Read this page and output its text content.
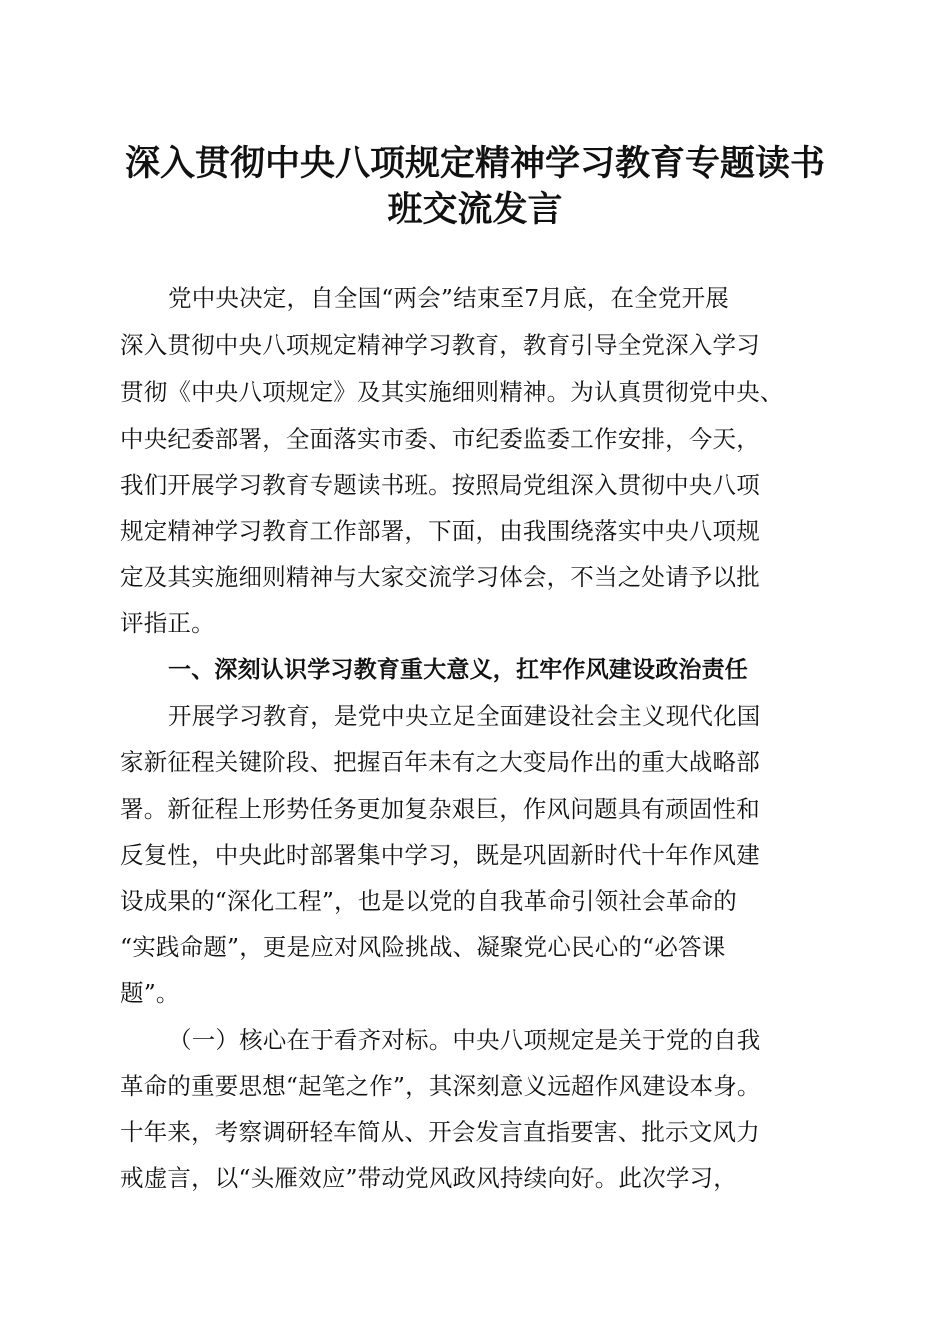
深入贯彻中央八项规定精神学习教育专题读书
班交流发言
党中央决定，自全国“两会”结束至7月底，在全党开展
深入贯彻中央八项规定精神学习教育，教育引导全党深入学习
贯彻《中央八项规定》及其实施细则精神。为认真贯彻党中央、
中央纪委部署，全面落实市委、市纪委监委工作安排，今天，
我们开展学习教育专题读书班。按照局党组深入贯彻中央八项
规定精神学习教育工作部署，下面，由我围绕落实中央八项规
定及其实施细则精神与大家交流学习体会，不当之处请予以批
评指正。
一、深刻认识学习教育重大意义，扛牢作风建设政治责任
开展学习教育，是党中央立足全面建设社会主义现代化国
家新征程关键阶段、把握百年未有之大变局作出的重大战略部
署。新征程上形势任务更加复杂艰巨，作风问题具有顽固性和
反复性，中央此时部署集中学习，既是巩固新时代十年作风建
设成果的“深化工程”，也是以党的自我革命引领社会革命的
“实践命题”，更是应对风险挑战、凝聚党心民心的“必答课
题”。
（一）核心在于看齐对标。中央八项规定是关于党的自我
革命的重要思想“起笔之作”，其深刻意义远超作风建设本身。
十年来，考察调研轻车简从、开会发言直指要害、批示文风力
戒虚言，以“头雁效应”带动党风政风持续向好。此次学习，
